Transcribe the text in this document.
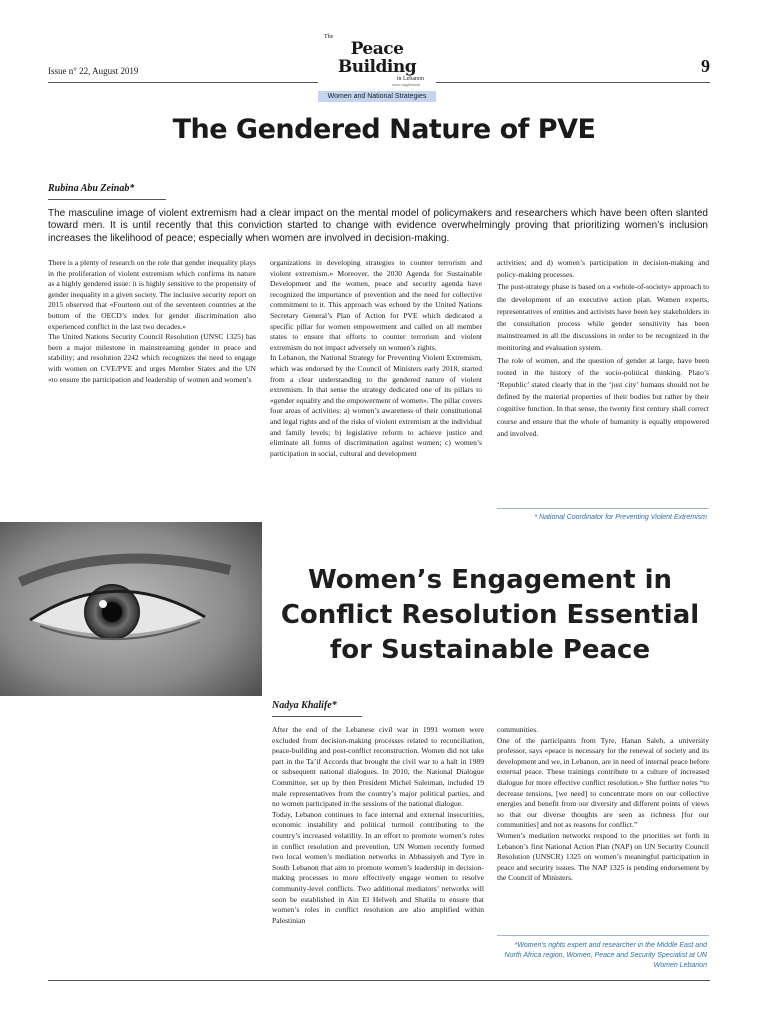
Issue n° 22, August 2019
The
Peace Building
in Lebanon
news supplement
Women and National Strategies
9
The Gendered Nature of PVE
Rubina Abu Zeinab*
The masculine image of violent extremism had a clear impact on the mental model of policymakers and researchers which have been often slanted toward men. It is until recently that this conviction started to change with evidence overwhelmingly proving that prioritizing women’s inclusion increases the likelihood of peace; especially when women are involved in decision-making.

There is a plenty of research on the role that gender inequality plays in the proliferation of violent extremism which confirms its nature as a highly gendered issue: it is highly sensitive to the propensity of gender inequality in a given society. The inclusive security report on 2015 observed that «Fourteen out of the seventeen countries at the bottom of the OECD’s index for gender discrimination also experienced conflict in the last two decades.»

The United Nations Security Council Resolution (UNSC 1325) has been a major milestone in mainstreaming gender in peace and stability; and resolution 2242 which recognizes the need to engage with women on CVE/PVE and urges Member States and the UN «to ensure the participation and leadership of women and women’s

organizations in developing strategies to counter terrorism and violent extremism.» Moreover, the 2030 Agenda for Sustainable Development and the women, peace and security agenda have recognized the importance of prevention and the need for collective commitment to it. This approach was echoed by the United Nations Secretary General’s Plan of Action for PVE which dedicated a specific pillar for women empowerment and called on all member states to ensure that efforts to counter terrorism and violent extremism do not impact adversely on women’s rights.

In Lebanon, the National Strategy for Preventing Violent Extremism, which was endorsed by the Council of Ministers early 2018, started from a clear understanding to the gendered nature of violent extremism. In that sense the strategy dedicated one of its pillars to «gender equality and the empowerment of women». The pillar covers four areas of activities: a) women’s awareness of their constitutional and legal rights and of the risks of violent extremism at the individual and family levels; b) legislative reform to achieve justice and eliminate all forms of discrimination against women; c) women’s participation in social, cultural and development

activities; and d) women’s participation in decision-making and policy-making processes.

The post-strategy phase is based on a «whole-of-society» approach to the development of an executive action plan. Women experts, representatives of entities and activists have been key stakeholders in the consultation process while gender sensitivity has been mainstreamed in all the discussions in order to be recognized in the monitoring and evaluation system.

The role of women, and the question of gender at large, have been rooted in the history of the socio-political thinking. Plato’s ‘Republic’ stated clearly that in the ‘just city’ humans should not be defined by the material properties of their bodies but rather by their cognitive function. In that sense, the twenty first century shall correct course and ensure that the whole of humanity is equally empowered and involved.

* National Coordinator for Preventing Violent Extremism
Women’s Engagement in
Conflict Resolution Essential
for Sustainable Peace
Nadya Khalife*

After the end of the Lebanese civil war in 1991 women were excluded from decision-making processes related to reconciliation, peace-building and post-conflict reconstruction. Women did not take part in the Ta’if Accords that brought the civil war to a halt in 1989 or subsequent national dialogues. In 2010, the National Dialogue Committee, set up by then President Michel Suleiman, included 19 male representatives from the country’s major political parties, and no women participated in the sessions of the national dialogue.

Today, Lebanon continues to face internal and external insecurities, economic instability and political turmoil contributing to the country’s increased volatility. In an effort to promote women’s roles in conflict resolution and prevention, UN Women recently formed two local women’s mediation networks in Abbassiyeh and Tyre in South Lebanon that aim to promote women’s leadership in decision-making processes to more effectively engage women to resolve community-level conflicts. Two additional mediators’ networks will soon be established in Ain El Helweh and Shatila to ensure that women’s roles in conflict resolution are also amplified within Palestinian

communities.

One of the participants from Tyre, Hanan Saleh, a university professor, says «peace is necessary for the renewal of society and its development and we, in Lebanon, are in need of internal peace before external peace. These trainings contribute to a culture of increased dialogue for more effective conflict resolution.» She further notes “to decrease tensions, [we need] to concentrate more on our collective energies and benefit from our diversity and different points of views so that our diverse thoughts are seen as richness [for our communities] and not as reasons for conflict.”

Women’s mediation networks respond to the priorities set forth in Lebanon’s first National Action Plan (NAP) on UN Security Council Resolution (UNSCR) 1325 on women’s meaningful participation in peace and security issues. The NAP 1325 is pending endorsement by the Council of Ministers.

*Women’s rights expert and researcher in the Middle East and North Africa region, Women, Peace and Security Specialist at UN Women Lebanon
